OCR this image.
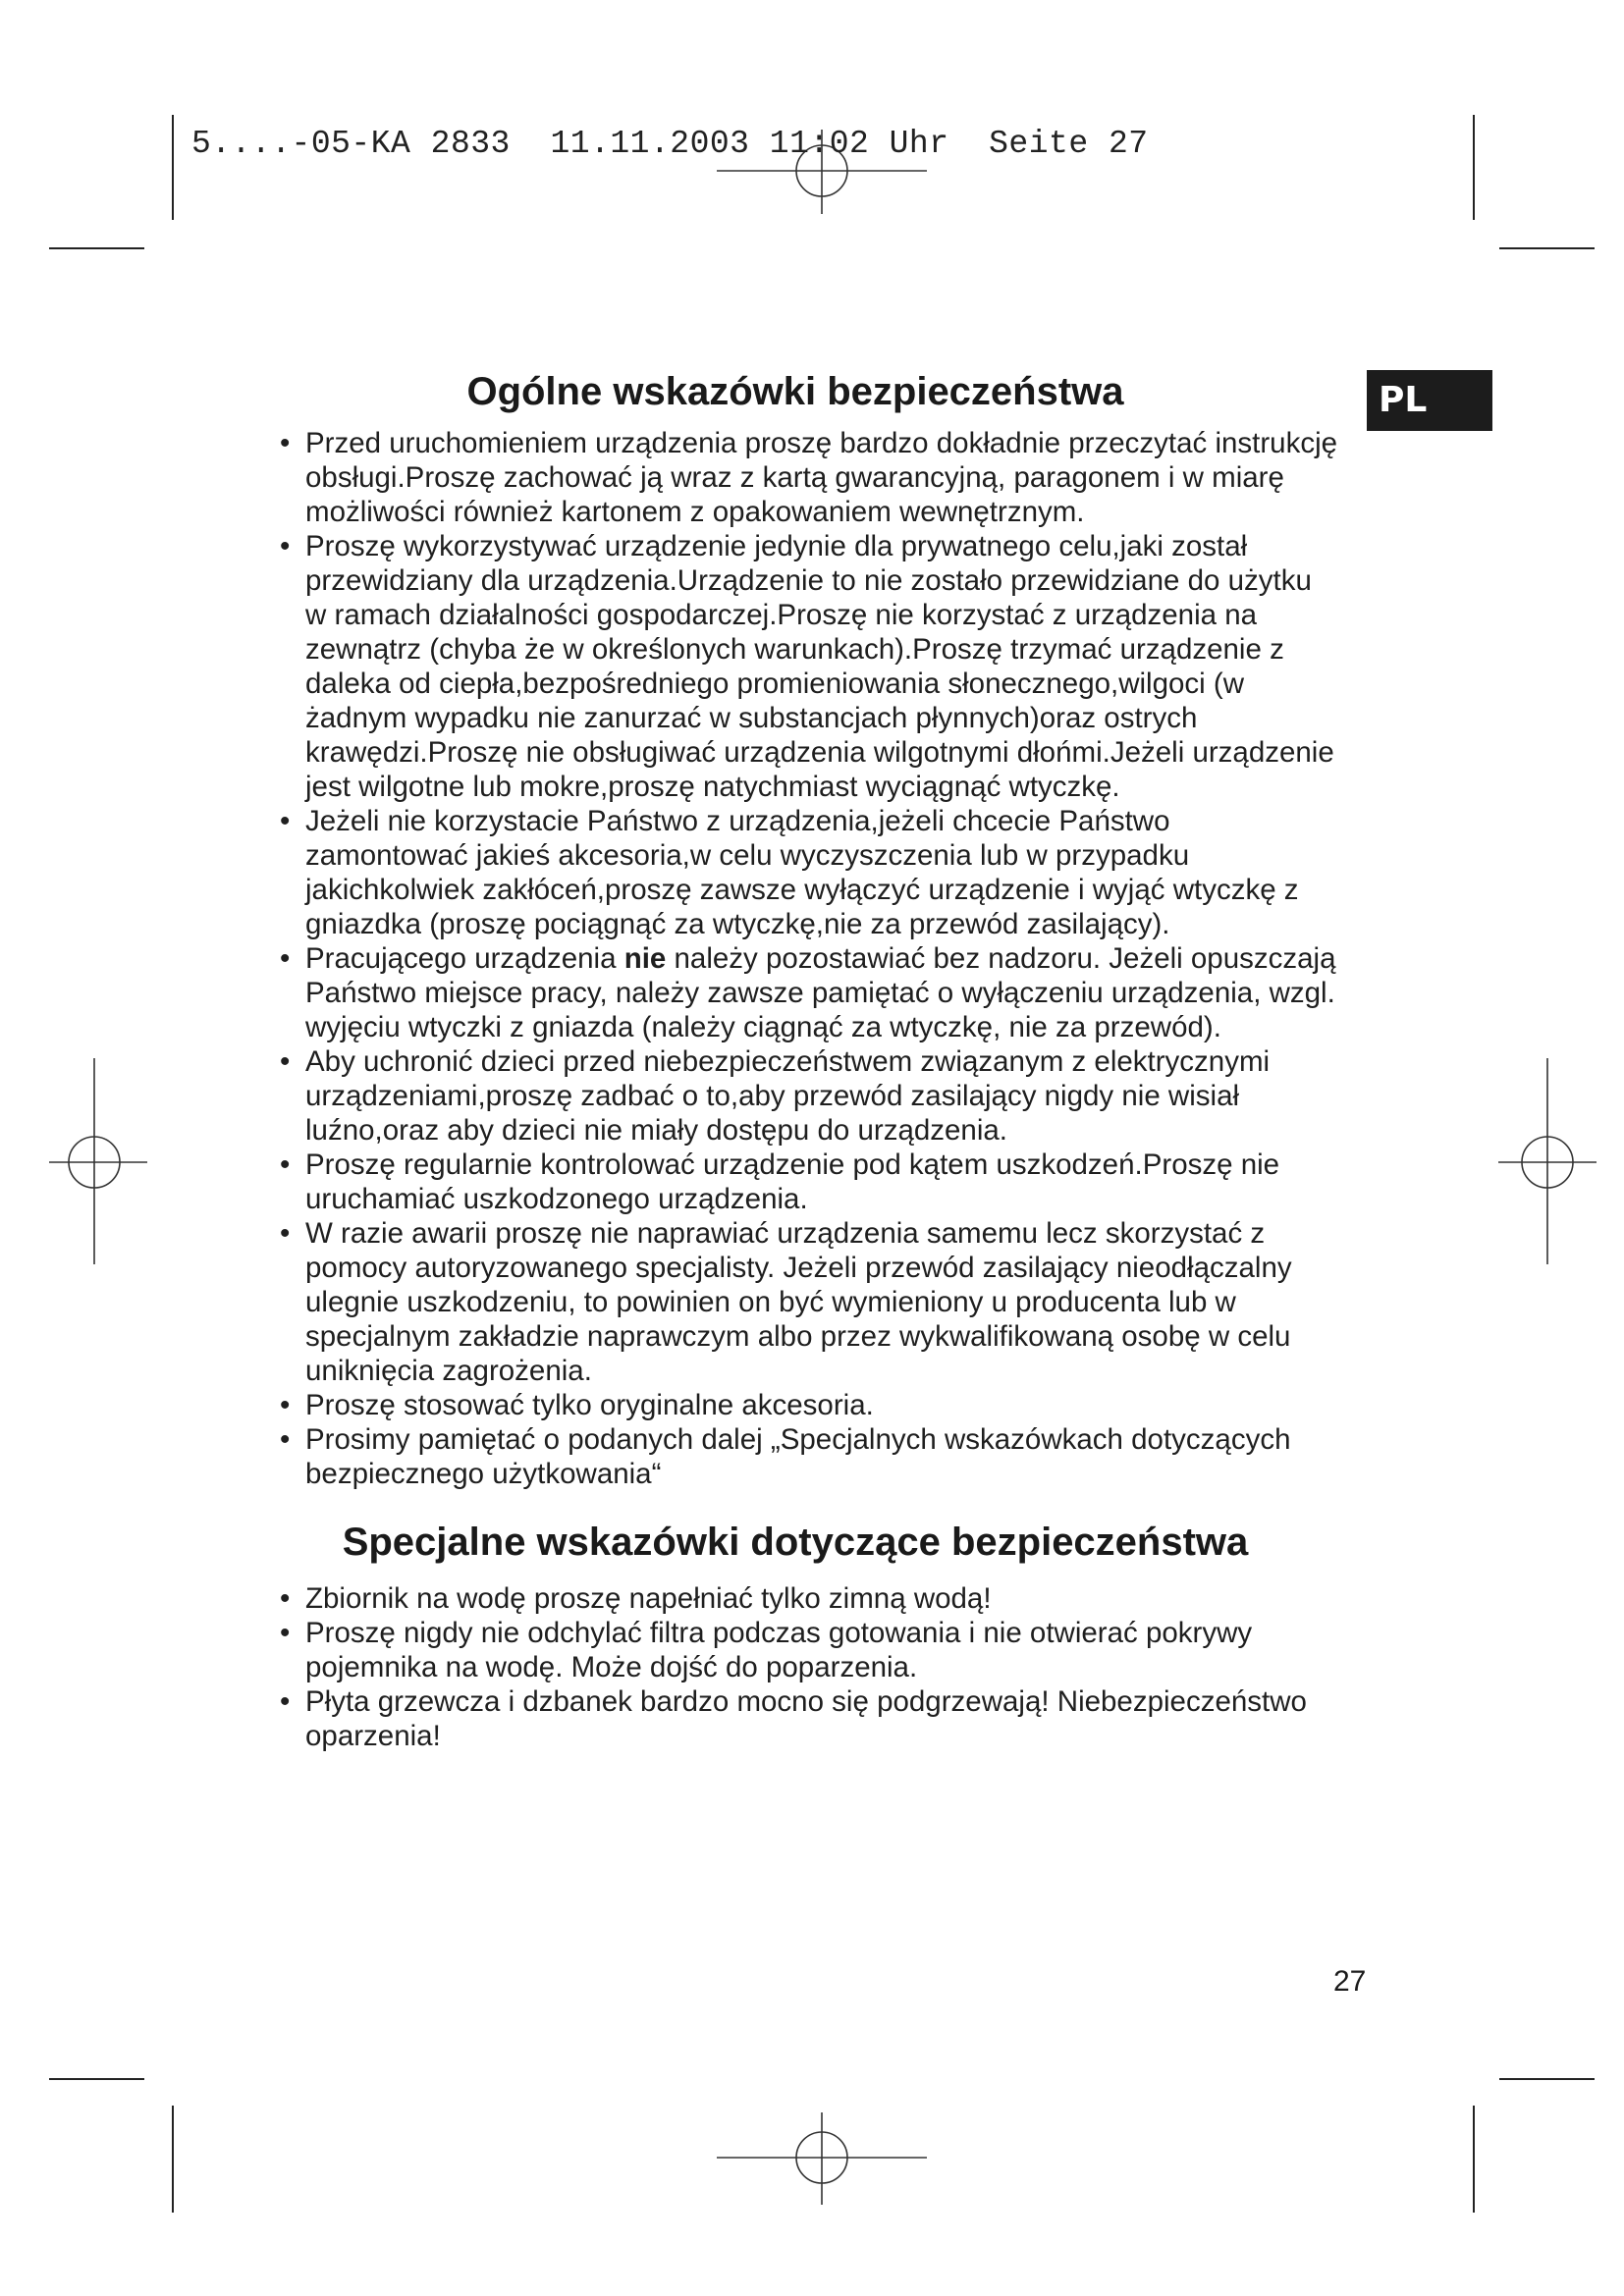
5....-05-KA 2833  11.11.2003 11:02 Uhr  Seite 27
PL
Ogólne wskazówki bezpieczeństwa
• Przed uruchomieniem urządzenia proszę bardzo dokładnie przeczytać instrukcję obsługi.Proszę zachować ją wraz z kartą gwarancyjną, paragonem i w miarę możliwości również kartonem z opakowaniem wewnętrznym.
• Proszę wykorzystywać urządzenie jedynie dla prywatnego celu,jaki został przewidziany dla urządzenia.Urządzenie to nie zostało przewidziane do użytku w ramach działalności gospodarczej.Proszę nie korzystać z urządzenia na zewnątrz (chyba że w określonych warunkach).Proszę trzymać urządzenie z daleka od ciepła,bezpośredniego promieniowania słonecznego,wilgoci (w żadnym wypadku nie zanurzać w substancjach płynnych)oraz ostrych krawędzi.Proszę nie obsługiwać urządzenia wilgotnymi dłońmi.Jeżeli urządzenie jest wilgotne lub mokre,proszę natychmiast wyciągnąć wtyczkę.
• Jeżeli nie korzystacie Państwo z urządzenia,jeżeli chcecie Państwo zamontować jakieś akcesoria,w celu wyczyszczenia lub w przypadku jakichkolwiek zakłóceń,proszę zawsze wyłączyć urządzenie i wyjąć wtyczkę z gniazdka (proszę pociągnąć za wtyczkę,nie za przewód zasilający).
• Pracującego urządzenia nie należy pozostawiać bez nadzoru. Jeżeli opuszczają Państwo miejsce pracy, należy zawsze pamiętać o wyłączeniu urządzenia, wzgl. wyjęciu wtyczki z gniazda (należy ciągnąć za wtyczkę, nie za przewód).
• Aby uchronić dzieci przed niebezpieczeństwem związanym z elektrycznymi urządzeniami,proszę zadbać o to,aby przewód zasilający nigdy nie wisiał luźno,oraz aby dzieci nie miały dostępu do urządzenia.
• Proszę regularnie kontrolować urządzenie pod kątem uszkodzeń.Proszę nie uruchamiać uszkodzonego urządzenia.
• W razie awarii proszę nie naprawiać urządzenia samemu lecz skorzystać z pomocy autoryzowanego specjalisty. Jeżeli przewód zasilający nieodłączalny ulegnie uszkodzeniu, to powinien on być wymieniony u producenta lub w specjalnym zakładzie naprawczym albo przez wykwalifikowaną osobę w celu uniknięcia zagrożenia.
• Proszę stosować tylko oryginalne akcesoria.
• Prosimy pamiętać o podanych dalej „Specjalnych wskazówkach dotyczących bezpiecznego użytkowania“
Specjalne wskazówki dotyczące bezpieczeństwa
• Zbiornik na wodę proszę napełniać tylko zimną wodą!
• Proszę nigdy nie odchylać filtra podczas gotowania i nie otwierać pokrywy pojemnika na wodę. Może dojść do poparzenia.
• Płyta grzewcza i dzbanek bardzo mocno się podgrzewają! Niebezpieczeństwo oparzenia!
27
